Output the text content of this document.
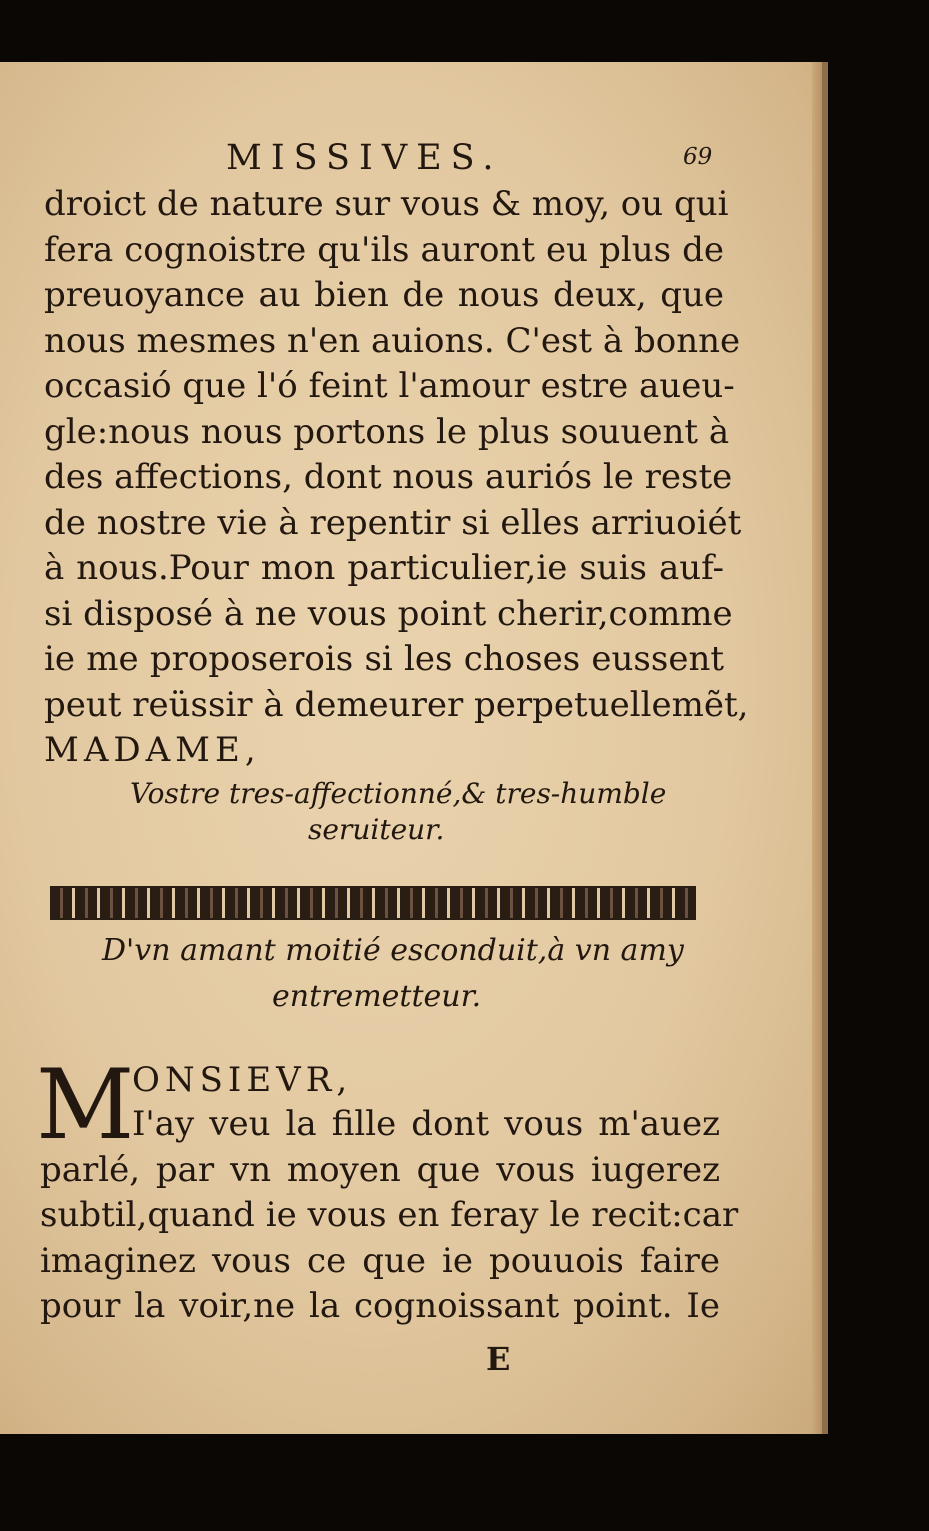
MISSIVES.	69
droict de nature sur vous & moy, ou qui
fera cognoistre qu'ils auront eu plus de
preuoyance au bien de nous deux, que
nous mesmes n'en auions. C'est à bonne
occasió que l'ó feint l'amour estre aueu-
gle:nous nous portons le plus souuent à
des affections, dont nous auriós le reste
de nostre vie à repentir si elles arriuoiét
à nous.Pour mon particulier,ie suis auf-
si disposé à ne vous point cherir,comme
ie me proposerois si les choses eussent
peut reüssir à demeurer perpetuellemẽt,
MADAME,
Vostre tres-affectionné,& tres-humble
seruiteur.
D'vn amant moitié esconduit,à vn amy
entremetteur.
M
ONSIEVR,
I'ay veu la fille dont vous m'auez
parlé, par vn moyen que vous iugerez
subtil,quand ie vous en feray le recit:car
imaginez vous ce que ie pouuois faire
pour la voir,ne la cognoissant point. Ie
E
